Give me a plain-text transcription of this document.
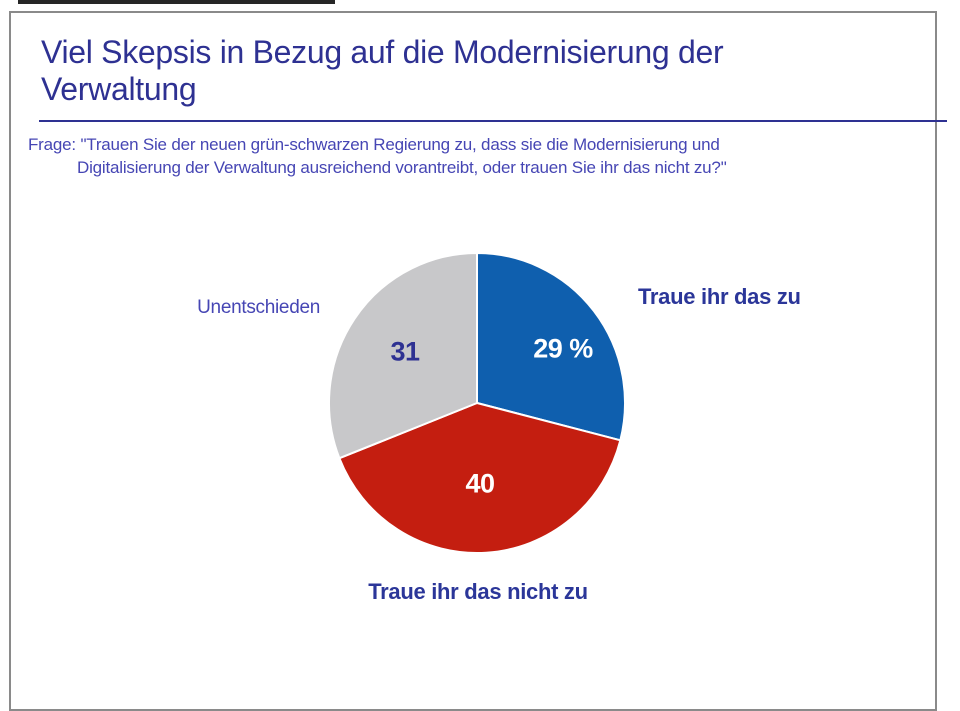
Viel Skepsis in Bezug auf die Modernisierung der
Verwaltung
Frage: "Trauen Sie der neuen grün-schwarzen Regierung zu, dass sie die Modernisierung und
Digitalisierung der Verwaltung ausreichend vorantreibt, oder trauen Sie ihr das nicht zu?"
29 %
40
31
Traue ihr das zu
Traue ihr das nicht zu
Unentschieden
